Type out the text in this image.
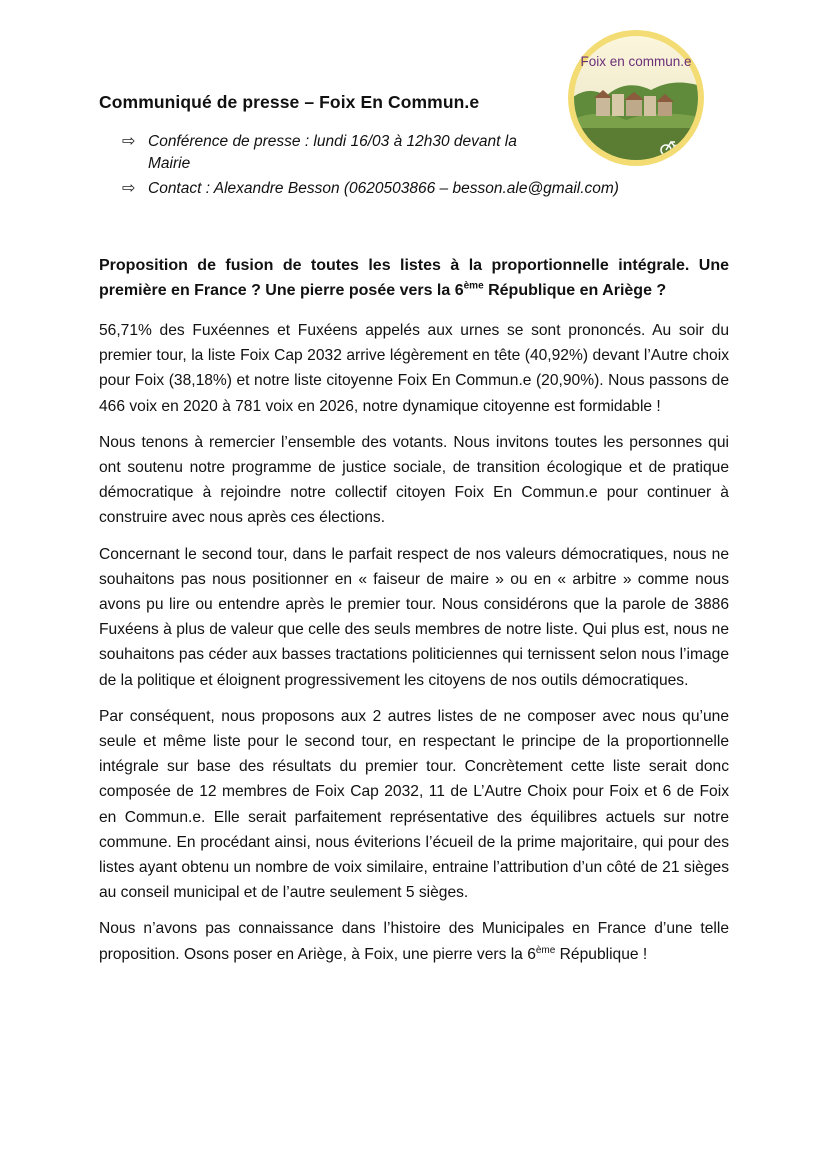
Communiqué de presse – Foix En Commun.e
⇨ Conférence de presse : lundi 16/03 à 12h30 devant la Mairie
⇨ Contact : Alexandre Besson (0620503866 – besson.ale@gmail.com)
Foix en commun.e
Proposition de fusion de toutes les listes à la proportionnelle intégrale. Une première en France ? Une pierre posée vers la 6ème République en Ariège ?

56,71% des Fuxéennes et Fuxéens appelés aux urnes se sont prononcés. Au soir du premier tour, la liste Foix Cap 2032 arrive légèrement en tête (40,92%) devant l’Autre choix pour Foix (38,18%) et notre liste citoyenne Foix En Commun.e (20,90%). Nous passons de 466 voix en 2020 à 781 voix en 2026, notre dynamique citoyenne est formidable !

Nous tenons à remercier l’ensemble des votants. Nous invitons toutes les personnes qui ont soutenu notre programme de justice sociale, de transition écologique et de pratique démocratique à rejoindre notre collectif citoyen Foix En Commun.e pour continuer à construire avec nous après ces élections.

Concernant le second tour, dans le parfait respect de nos valeurs démocratiques, nous ne souhaitons pas nous positionner en « faiseur de maire » ou en « arbitre » comme nous avons pu lire ou entendre après le premier tour. Nous considérons que la parole de 3886 Fuxéens à plus de valeur que celle des seuls membres de notre liste. Qui plus est, nous ne souhaitons pas céder aux basses tractations politiciennes qui ternissent selon nous l’image de la politique et éloignent progressivement les citoyens de nos outils démocratiques.

Par conséquent, nous proposons aux 2 autres listes de ne composer avec nous qu’une seule et même liste pour le second tour, en respectant le principe de la proportionnelle intégrale sur base des résultats du premier tour. Concrètement cette liste serait donc composée de 12 membres de Foix Cap 2032, 11 de L’Autre Choix pour Foix et 6 de Foix en Commun.e. Elle serait parfaitement représentative des équilibres actuels sur notre commune. En procédant ainsi, nous éviterions l’écueil de la prime majoritaire, qui pour des listes ayant obtenu un nombre de voix similaire, entraine l’attribution d’un côté de 21 sièges au conseil municipal et de l’autre seulement 5 sièges.

Nous n’avons pas connaissance dans l’histoire des Municipales en France d’une telle proposition. Osons poser en Ariège, à Foix, une pierre vers la 6ème République !
